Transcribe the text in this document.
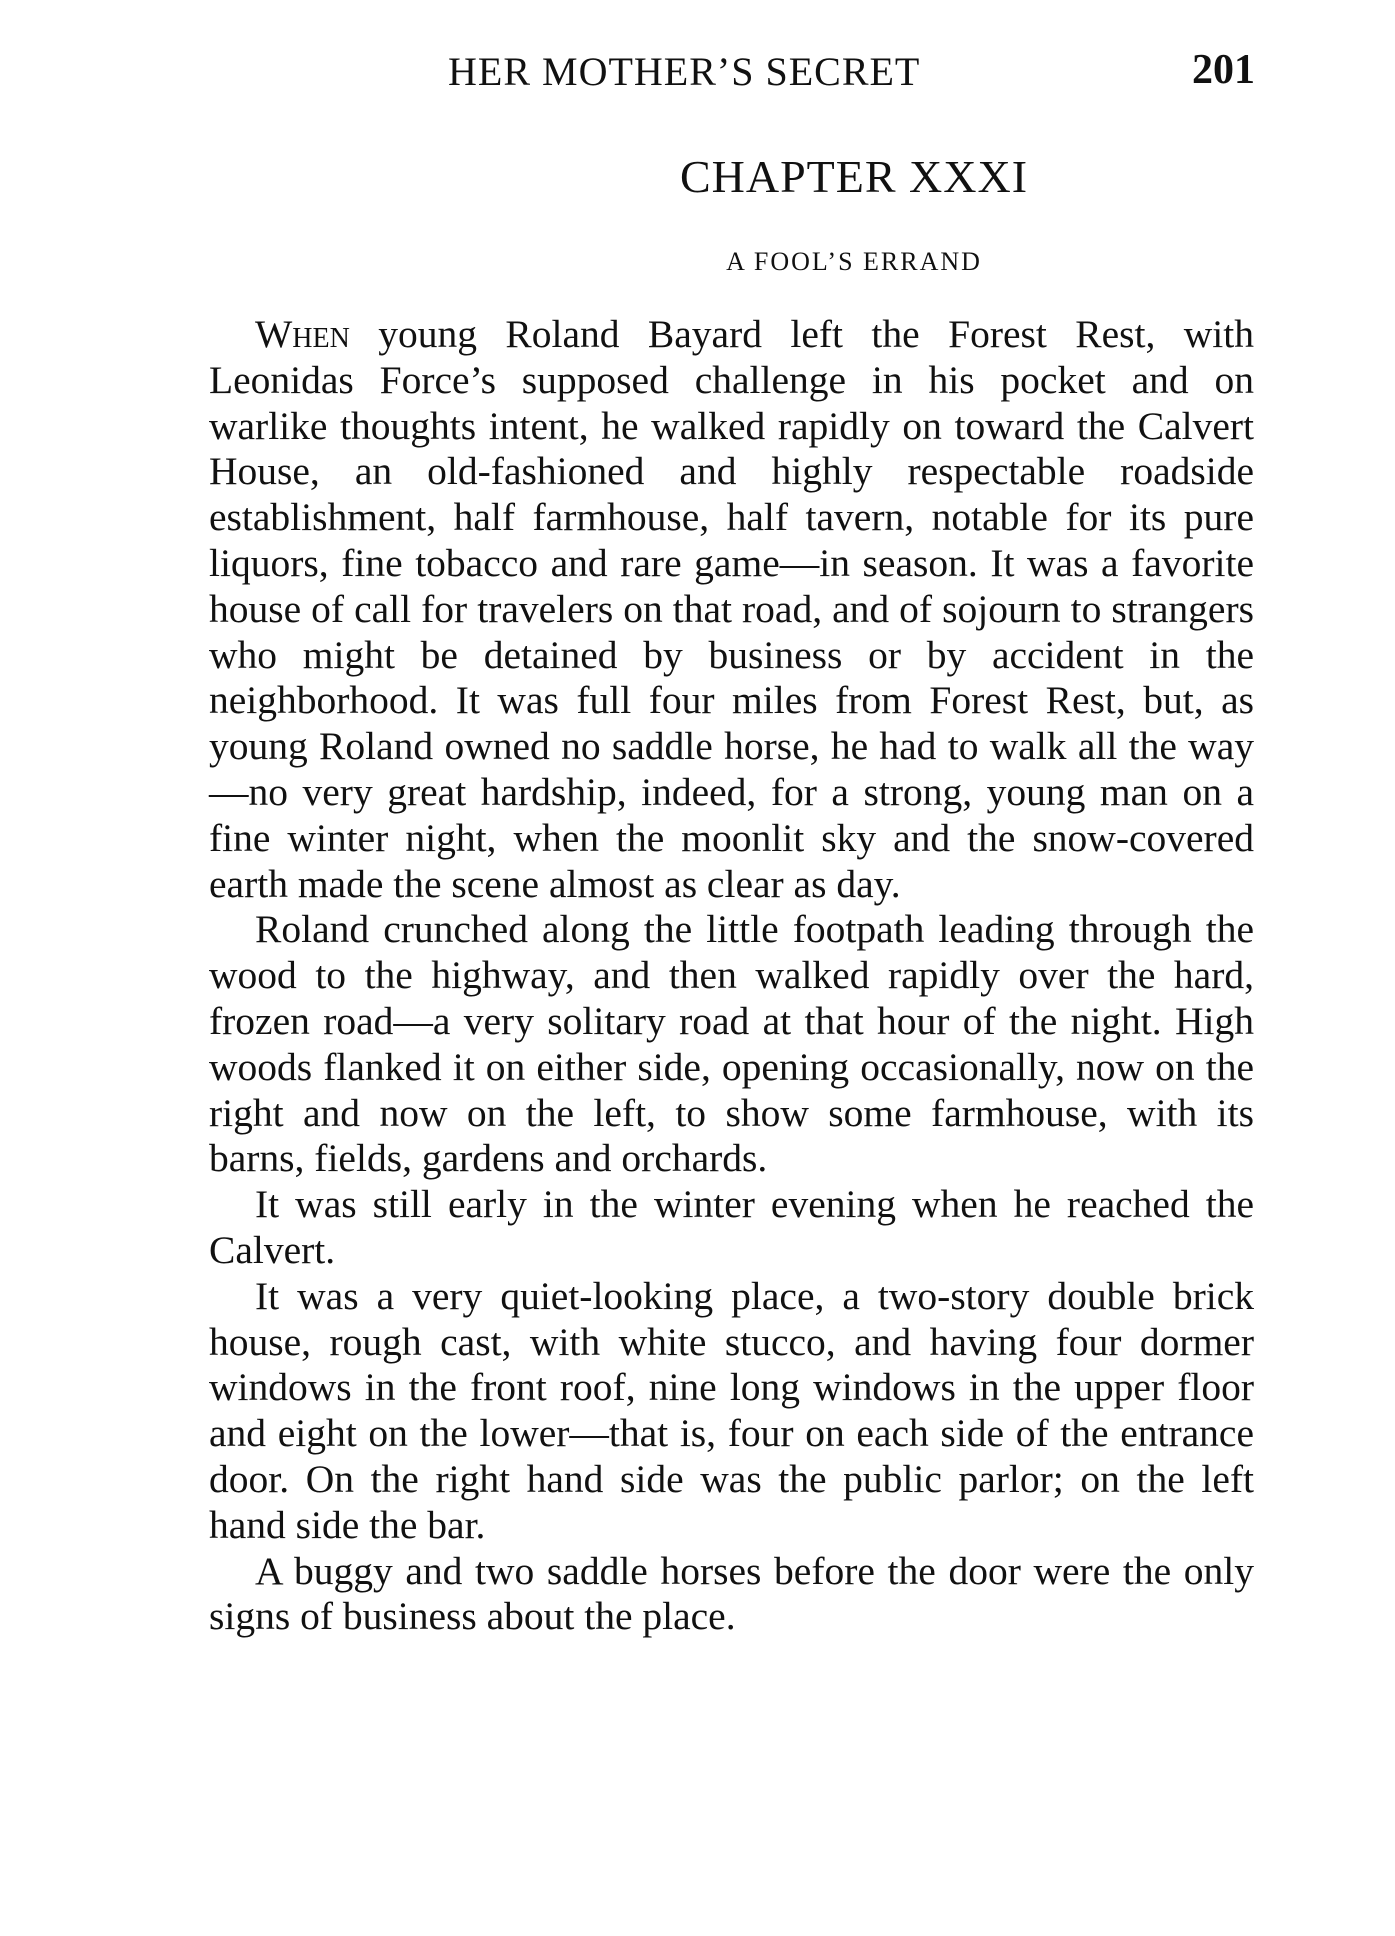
HER MOTHER’S SECRET	201
CHAPTER XXXI
A FOOL’S ERRAND

When young Roland Bayard left the Forest Rest, with Leonidas Force’s supposed challenge in his pocket and on warlike thoughts intent, he walked rapidly on toward the Calvert House, an old-fashioned and highly respectable roadside establishment, half farmhouse, half tavern, notable for its pure liquors, fine tobacco and rare game—in season. It was a favorite house of call for travelers on that road, and of sojourn to strangers who might be detained by business or by accident in the neighborhood. It was full four miles from Forest Rest, but, as young Roland owned no saddle horse, he had to walk all the way—no very great hardship, indeed, for a strong, young man on a fine winter night, when the moonlit sky and the snow-covered earth made the scene almost as clear as day.

Roland crunched along the little footpath leading through the wood to the highway, and then walked rapidly over the hard, frozen road—a very solitary road at that hour of the night. High woods flanked it on either side, opening occasionally, now on the right and now on the left, to show some farmhouse, with its barns, fields, gardens and orchards.

It was still early in the winter evening when he reached the Calvert.

It was a very quiet-looking place, a two-story double brick house, rough cast, with white stucco, and having four dormer windows in the front roof, nine long windows in the upper floor and eight on the lower—that is, four on each side of the entrance door. On the right hand side was the public parlor; on the left hand side the bar.

A buggy and two saddle horses before the door were the only signs of business about the place.
